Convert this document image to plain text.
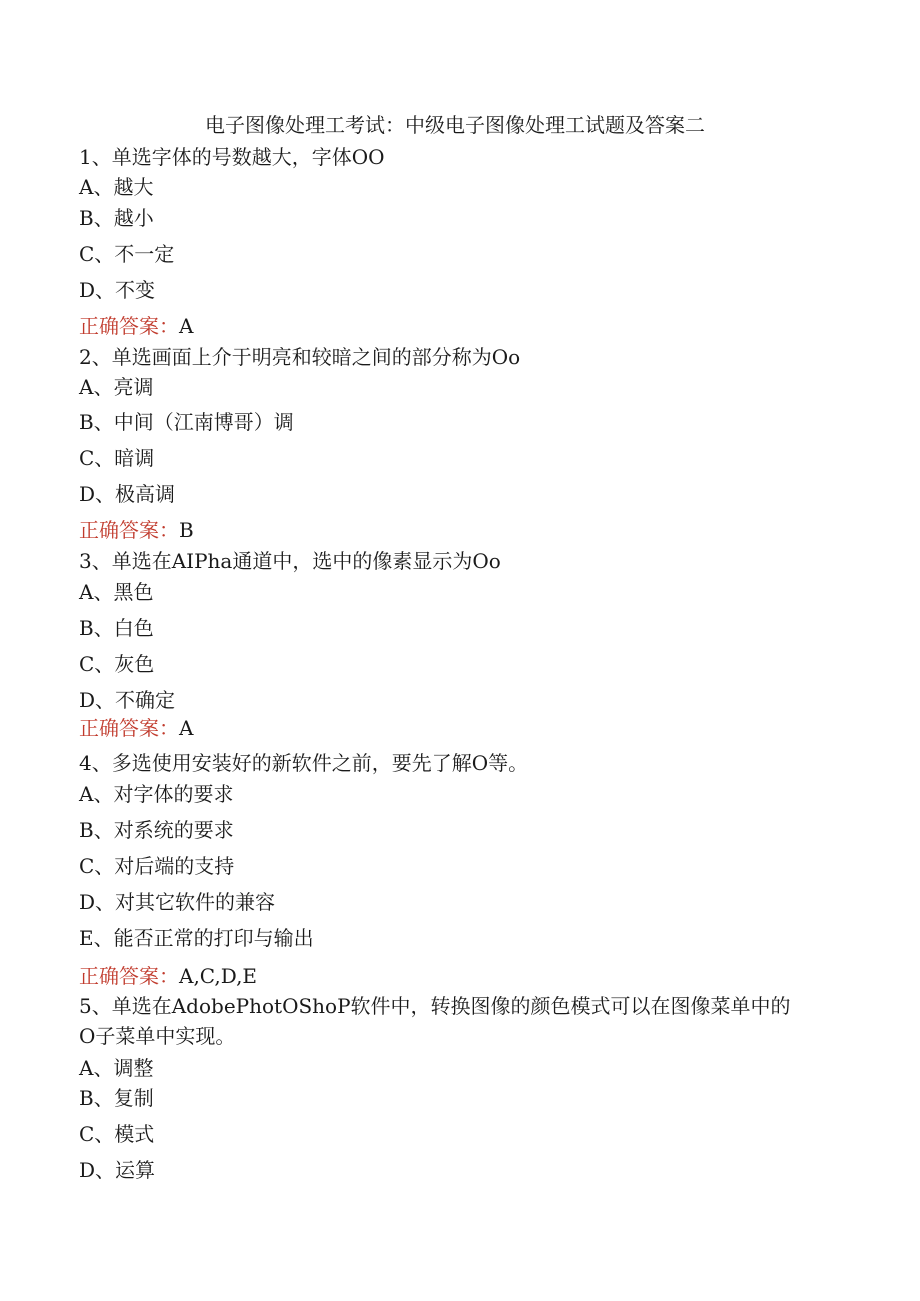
电子图像处理工考试：中级电子图像处理工试题及答案二
1、单选字体的号数越大，字体OO
A、越大
B、越小
C、不一定
D、不变
正确答案：A
2、单选画面上介于明亮和较暗之间的部分称为Oo
A、亮调
B、中间（江南博哥）调
C、暗调
D、极高调
正确答案：B
3、单选在AIPha通道中，选中的像素显示为Oo
A、黑色
B、白色
C、灰色
D、不确定
正确答案：A
4、多选使用安装好的新软件之前，要先了解O等。
A、对字体的要求
B、对系统的要求
C、对后端的支持
D、对其它软件的兼容
E、能否正常的打印与输出
正确答案：A,C,D,E
5、单选在AdobePhotOShoP软件中，转换图像的颜色模式可以在图像菜单中的
O子菜单中实现。
A、调整
B、复制
C、模式
D、运算
